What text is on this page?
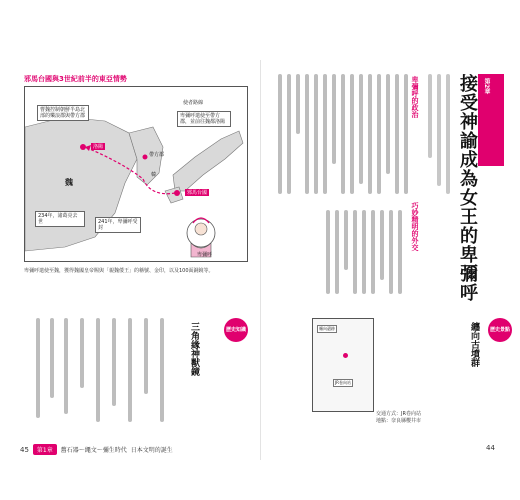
邪馬台國與3世紀前半的東亞情勢
洛陽
魏
帶方郡
韓
邪馬台國
使者路線
卑彌呼
曹魏控制朝鮮半島北部的樂浪郡與帶方郡	卑彌呼遣使至帶方郡，並前往魏都洛陽
234年，諸葛亮去世	241年，卑彌呼受封
卑彌呼遣使至魏，獲得魏國皇帝賜與「親魏倭王」的稱號、金印，以及100面銅鏡等。
三角緣神獸鏡	歷史知識
45	第1章	舊石器～繩文～彌生時代 日本文明的誕生
第2章
接受神諭成為女王的卑彌呼
卑彌呼的政治
巧妙精明的外交
纏向遺跡
JR卷向站
交通方式：JR卷向站
地點：奈良縣櫻井市
纏向古墳群	歷史景點
44
